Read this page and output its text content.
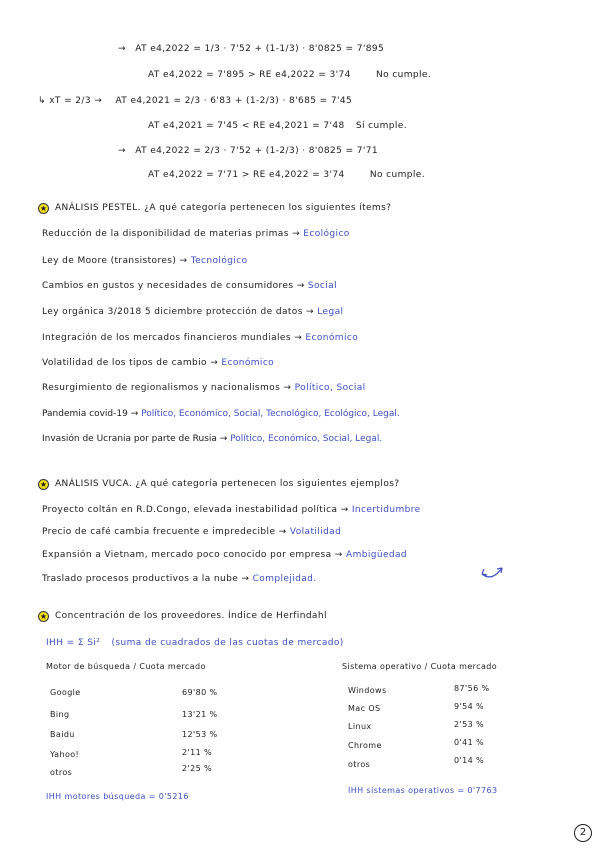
→ AT e4,2022 = 1/3 · 7'52 + (1-1/3) · 8'0825 = 7'895
AT e4,2022 = 7'895 > RE e4,2022 = 3'74	No cumple.
↳ xT = 2/3 → AT e4,2021 = 2/3 · 6'83 + (1-2/3) · 8'685 = 7'45
AT e4,2021 = 7'45 < RE e4,2021 = 7'48 Sí cumple.
→ AT e4,2022 = 2/3 · 7'52 + (1-2/3) · 8'0825 = 7'71
AT e4,2022 = 7'71 > RE e4,2022 = 3'74	No cumple.
★ ANÁLISIS PESTEL. ¿A qué categoría pertenecen los siguientes ítems?
Reducción de la disponibilidad de materias primas → Ecológico
Ley de Moore (transistores) → Tecnológico
Cambios en gustos y necesidades de consumidores → Social
Ley orgánica 3/2018 5 diciembre protección de datos → Legal
Integración de los mercados financieros mundiales → Económico
Volatilidad de los tipos de cambio → Económico
Resurgimiento de regionalismos y nacionalismos → Político, Social
Pandemia covid-19 → Político, Económico, Social, Tecnológico, Ecológico, Legal.
Invasión de Ucrania por parte de Rusia → Político, Económico, Social, Legal.
★ ANÁLISIS VUCA. ¿A qué categoría pertenecen los siguientes ejemplos?
Proyecto coltán en R.D.Congo, elevada inestabilidad política → Incertidumbre
Precio de café cambia frecuente e impredecible → Volatilidad
Expansión a Vietnam, mercado poco conocido por empresa → Ambigüedad
Traslado procesos productivos a la nube → Complejidad.
★ Concentración de los proveedores. Índice de Herfindahl
IHH = Σ Si² (suma de cuadrados de las cuotas de mercado)
Motor de búsqueda / Cuota mercado
Google	69'80 %
Bing	13'21 %
Baidu	12'53 %
Yahoo!	2'11 %
otros	2'25 %
IHH motores búsqueda = 0'5216
Sistema operativo / Cuota mercado
Windows	87'56 %
Mac OS	9'54 %
Linux	2'53 %
Chrome	0'41 %
otros	0'14 %
IHH sistemas operativos = 0'7763
2
